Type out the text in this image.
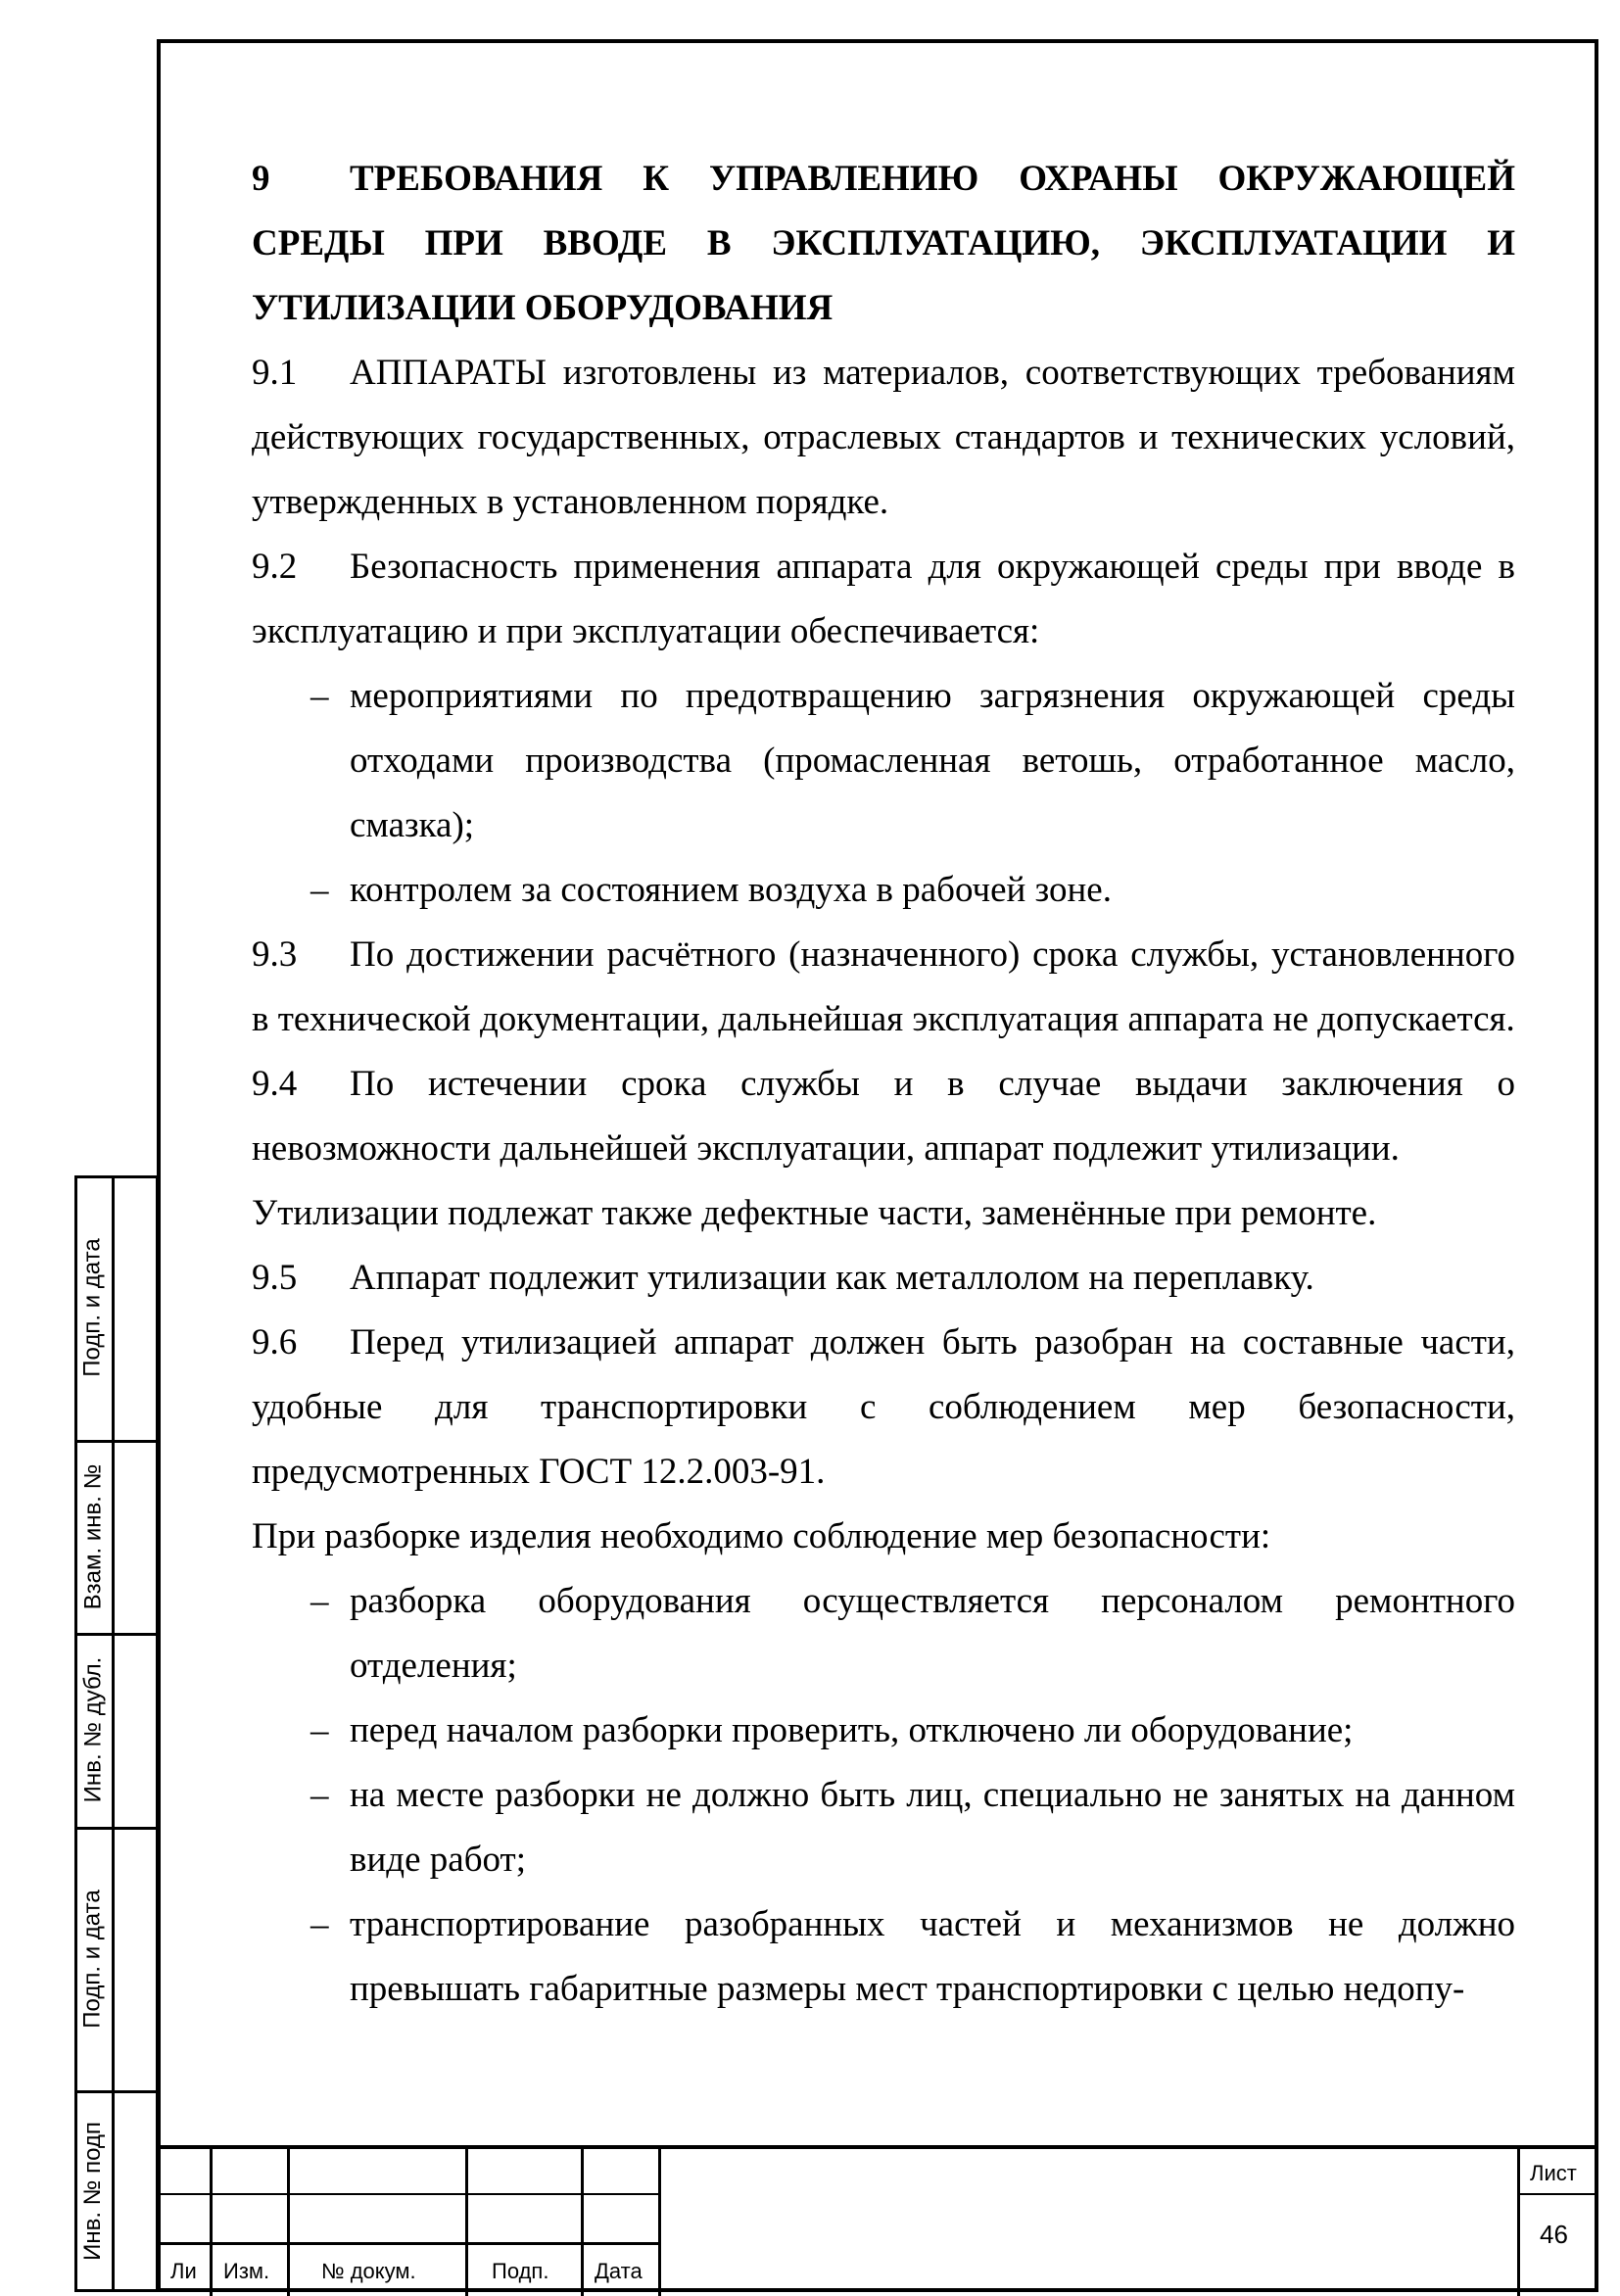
Подп. и дата
Взам. инв. №
Инв. № дубл.
Подп. и дата
Инв. № подп

9 ТРЕБОВАНИЯ К УПРАВЛЕНИЮ ОХРАНЫ ОКРУЖАЮЩЕЙ СРЕДЫ ПРИ ВВОДЕ В ЭКСПЛУАТАЦИЮ, ЭКСПЛУАТАЦИИ И УТИЛИЗАЦИИ ОБОРУДОВАНИЯ

9.1 АППАРАТЫ изготовлены из материалов, соответствующих требованиям действующих государственных, отраслевых стандартов и технических условий, утвержденных в установленном порядке.

9.2 Безопасность применения аппарата для окружающей среды при вводе в эксплуатацию и при эксплуатации обеспечивается:

– мероприятиями по предотвращению загрязнения окружающей среды отходами производства (промасленная ветошь, отработанное масло, смазка);

– контролем за состоянием воздуха в рабочей зоне.

9.3 По достижении расчётного (назначенного) срока службы, установленного в технической документации, дальнейшая эксплуатация аппарата не допускается.

9.4 По истечении срока службы и в случае выдачи заключения о невозможности дальнейшей эксплуатации, аппарат подлежит утилизации.

Утилизации подлежат также дефектные части, заменённые при ремонте.

9.5 Аппарат подлежит утилизации как металлолом на переплавку.

9.6 Перед утилизацией аппарат должен быть разобран на составные части, удобные для транспортировки с соблюдением мер безопасности, предусмотренных ГОСТ 12.2.003-91.

При разборке изделия необходимо соблюдение мер безопасности:

– разборка оборудования осуществляется персоналом ремонтного отделения;

– перед началом разборки проверить, отключено ли оборудование;

– на месте разборки не должно быть лиц, специально не занятых на данном виде работ;

– транспортирование разобранных частей и механизмов не должно превышать габаритные размеры мест транспортировки с целью недопу-

Ли Изм. № докум.	Подп. Дата
Лист
46
